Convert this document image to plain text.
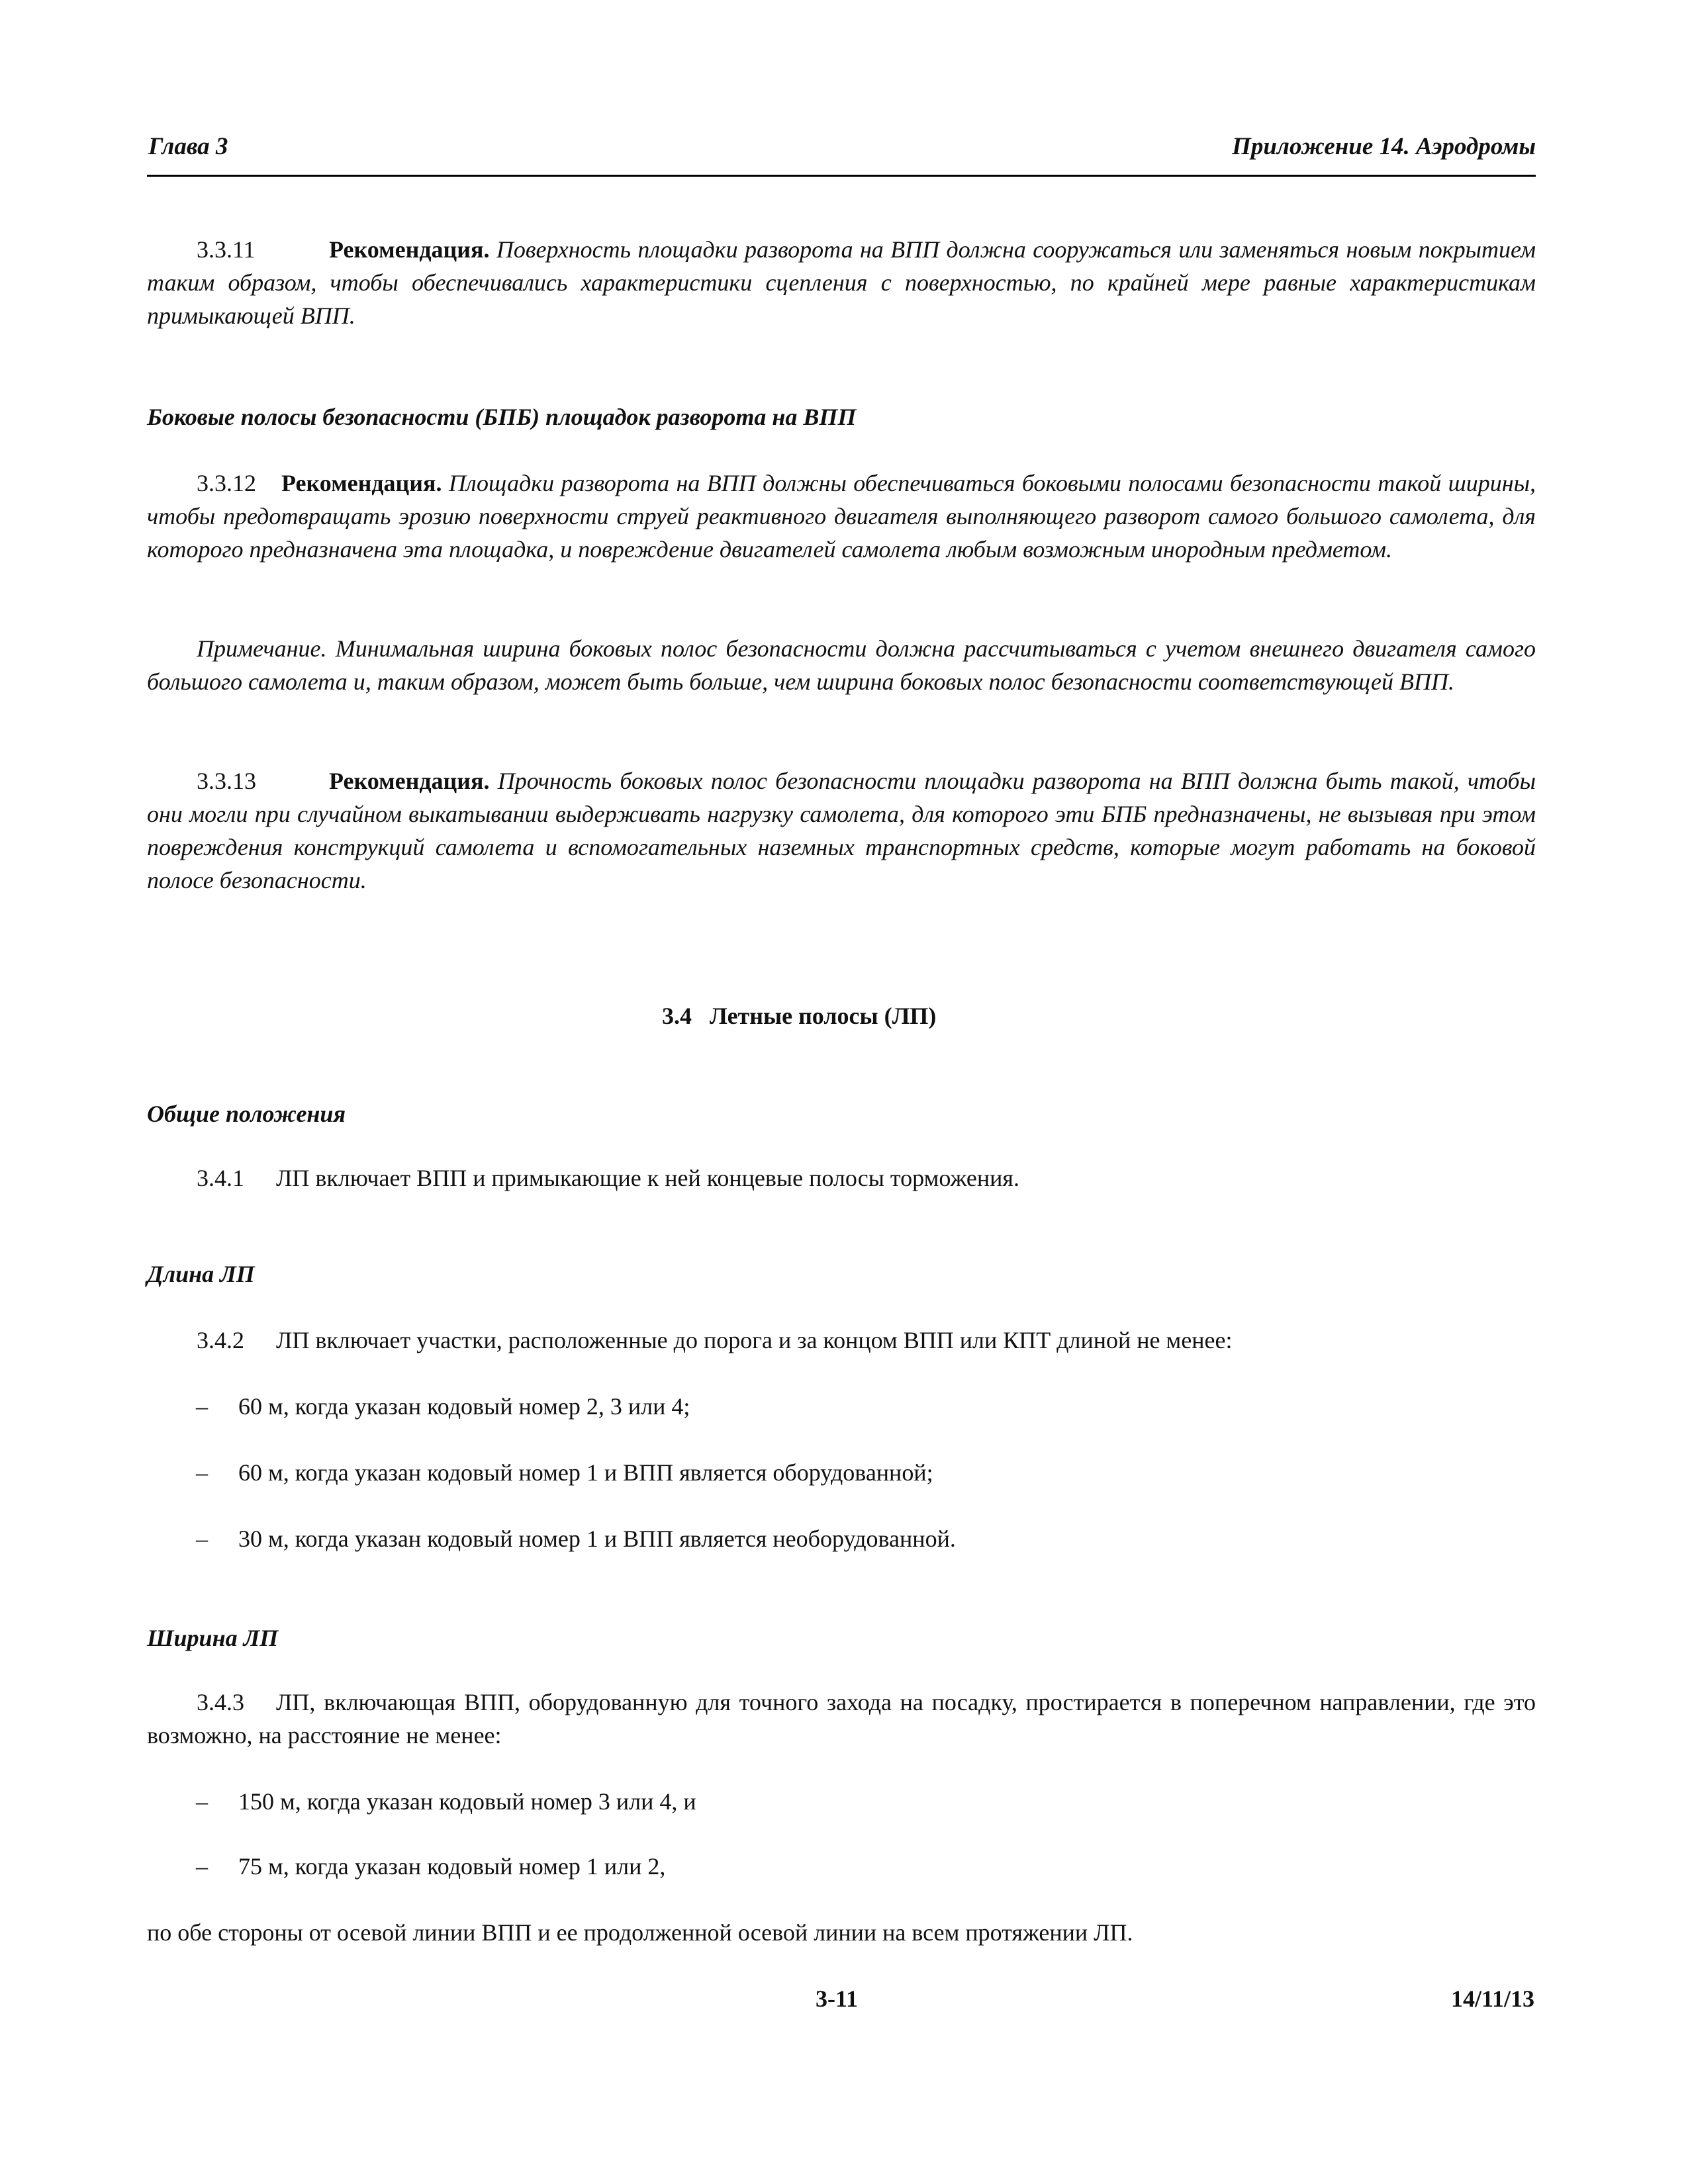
Глава 3	Приложение 14. Аэродромы
3.3.11	Рекомендация. Поверхность площадки разворота на ВПП должна сооружаться или заменяться новым покрытием таким образом, чтобы обеспечивались характеристики сцепления с поверхностью, по крайней мере равные характеристикам примыкающей ВПП.
Боковые полосы безопасности (БПБ) площадок разворота на ВПП
3.3.12 Рекомендация. Площадки разворота на ВПП должны обеспечиваться боковыми полосами безопасности такой ширины, чтобы предотвращать эрозию поверхности струей реактивного двигателя выполняющего разворот самого большого самолета, для которого предназначена эта площадка, и повреждение двигателей самолета любым возможным инородным предметом.
Примечание. Минимальная ширина боковых полос безопасности должна рассчитываться с учетом внешнего двигателя самого большого самолета и, таким образом, может быть больше, чем ширина боковых полос безопасности соответствующей ВПП.
3.3.13	Рекомендация. Прочность боковых полос безопасности площадки разворота на ВПП должна быть такой, чтобы они могли при случайном выкатывании выдерживать нагрузку самолета, для которого эти БПБ предназначены, не вызывая при этом повреждения конструкций самолета и вспомогательных наземных транспортных средств, которые могут работать на боковой полосе безопасности.
3.4 Летные полосы (ЛП)
Общие положения
3.4.1 ЛП включает ВПП и примыкающие к ней концевые полосы торможения.
Длина ЛП
3.4.2 ЛП включает участки, расположенные до порога и за концом ВПП или КПТ длиной не менее:
– 60 м, когда указан кодовый номер 2, 3 или 4;
– 60 м, когда указан кодовый номер 1 и ВПП является оборудованной;
– 30 м, когда указан кодовый номер 1 и ВПП является необорудованной.
Ширина ЛП
3.4.3 ЛП, включающая ВПП, оборудованную для точного захода на посадку, простирается в поперечном направлении, где это возможно, на расстояние не менее:
– 150 м, когда указан кодовый номер 3 или 4, и
– 75 м, когда указан кодовый номер 1 или 2,
по обе стороны от осевой линии ВПП и ее продолженной осевой линии на всем протяжении ЛП.
3-11	14/11/13
